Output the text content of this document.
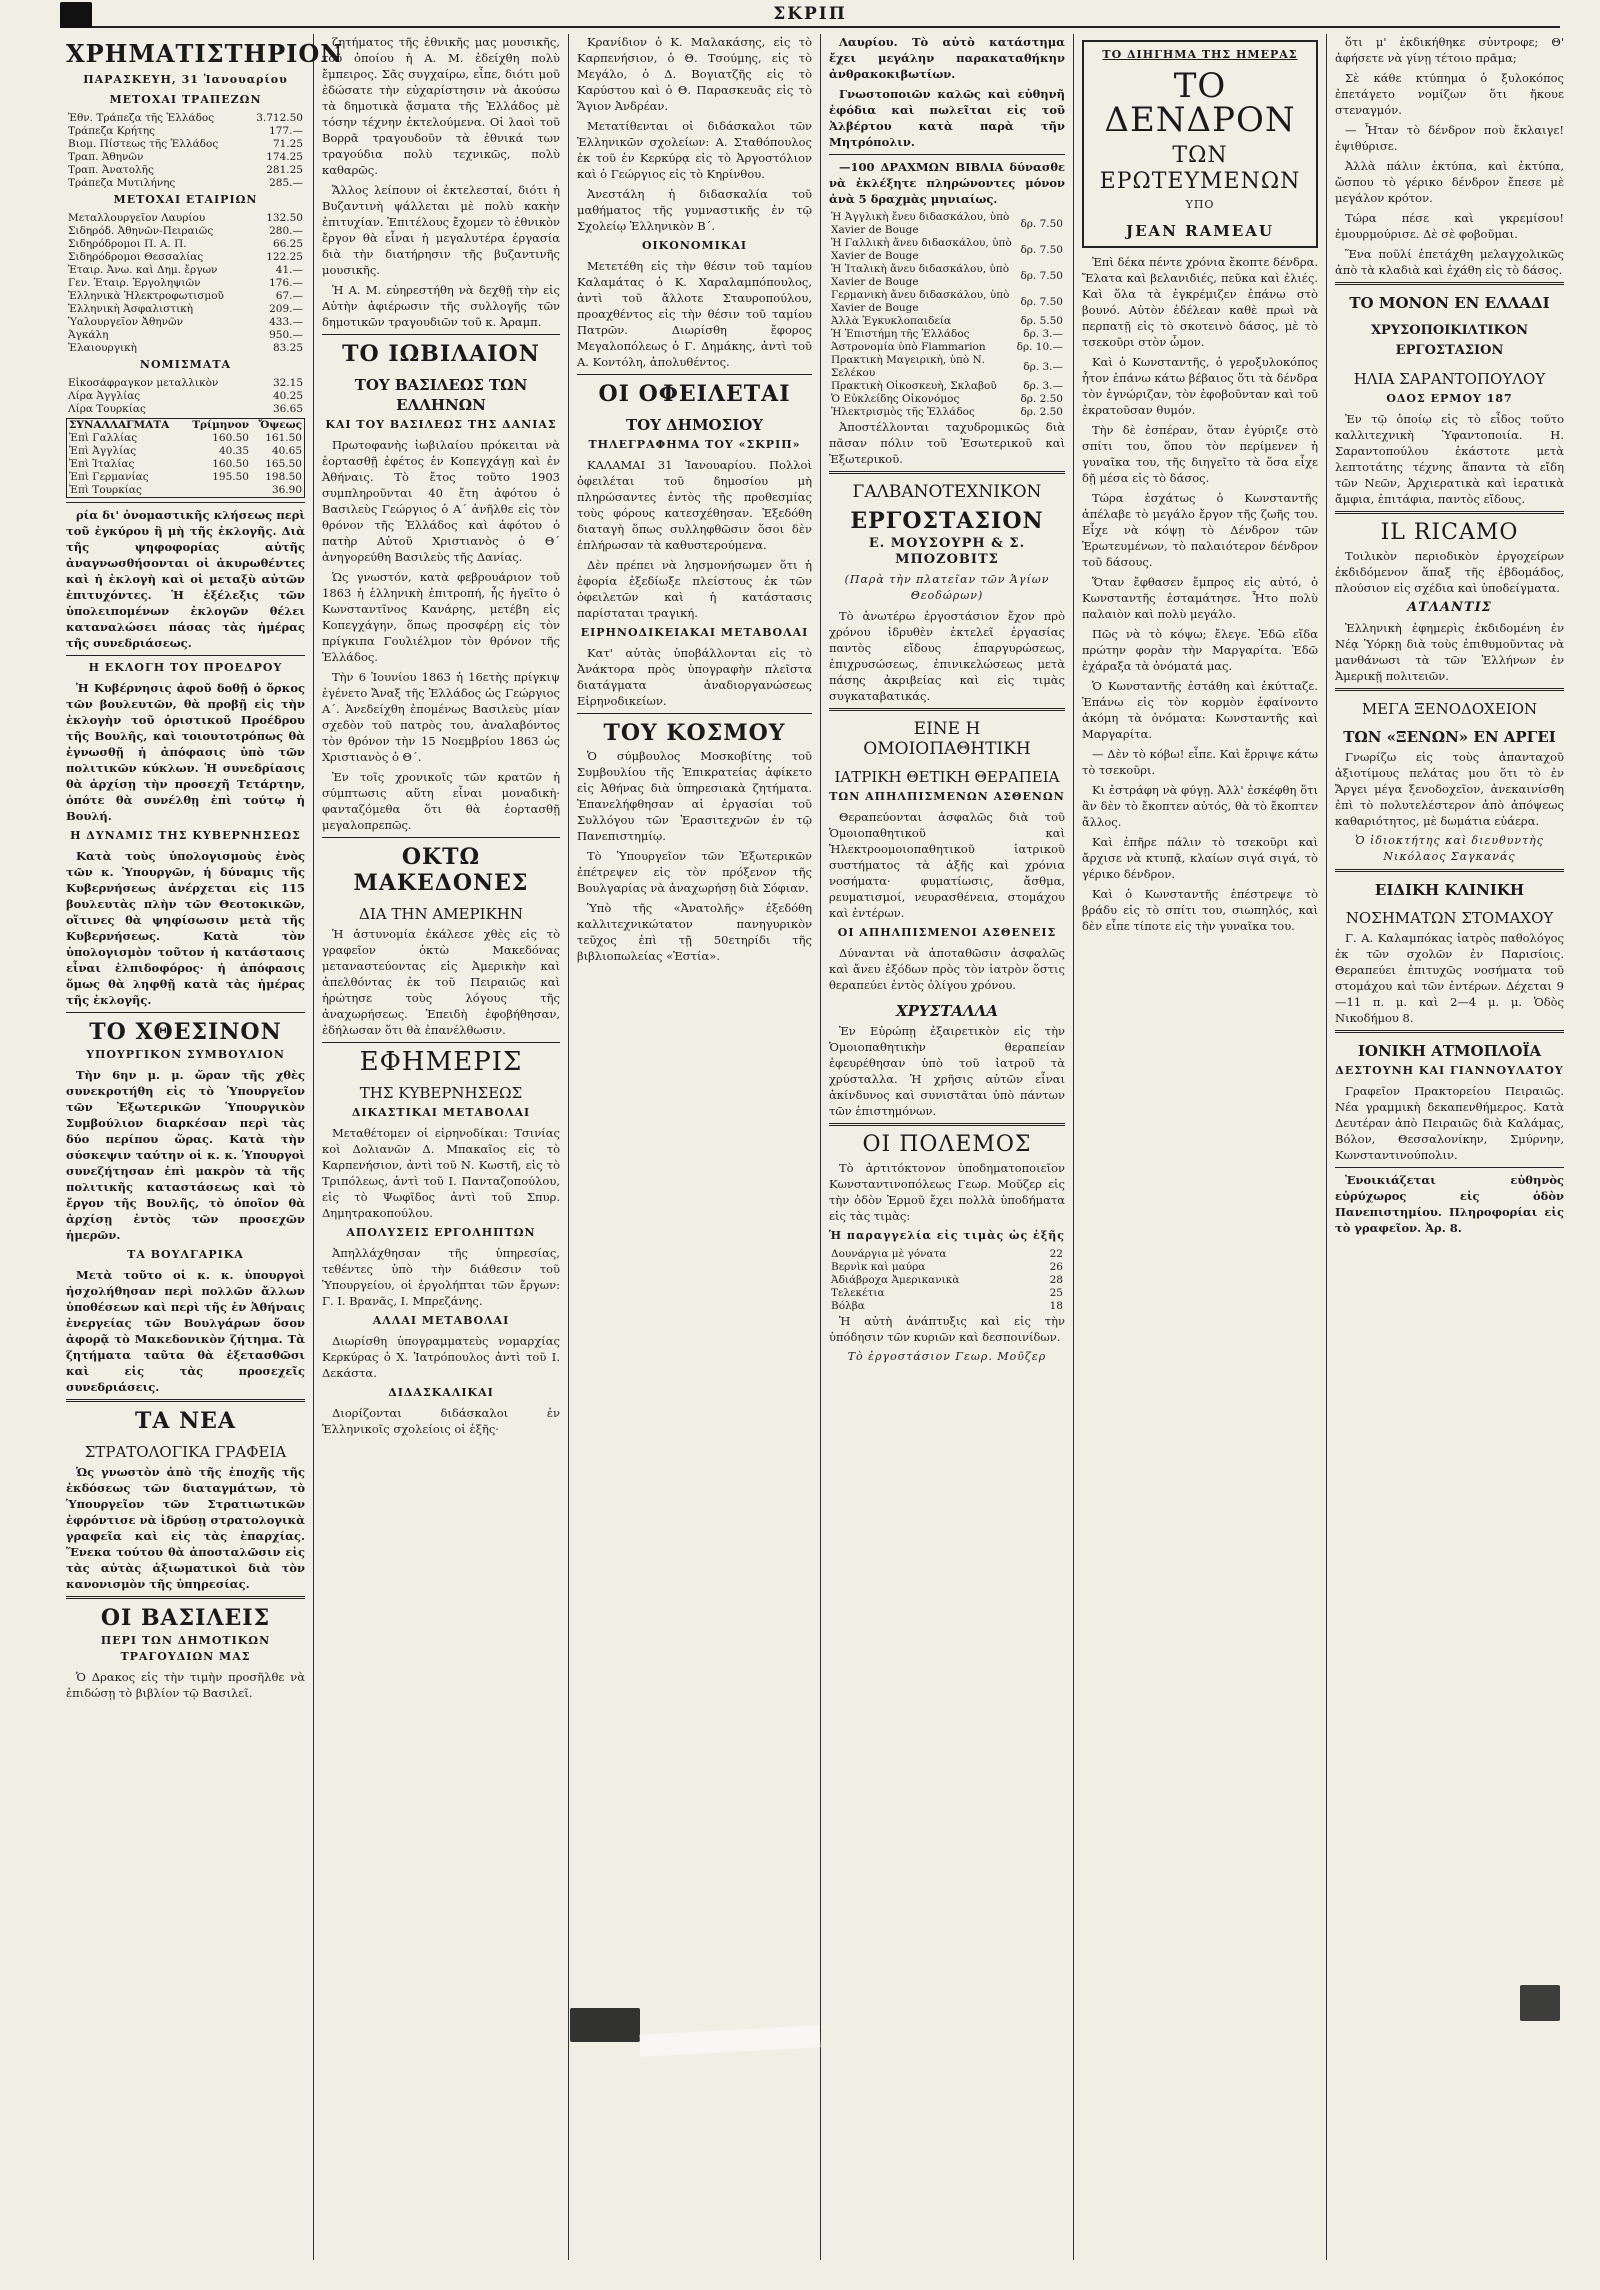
ΣΚΡΙΠ
ΧΡΗΜΑΤΙΣΤΗΡΙΟΝ
ΠΑΡΑΣΚΕΥΗ, 31 Ἰανουαρίου
ΜΕΤΟΧΑΙ ΤΡΑΠΕΖΩΝ
Ἐθν. Τράπεζα τῆς Ἑλλάδος	3.712.50
Τράπεζα Κρήτης	177.—
Βιομ. Πίστεως τῆς Ἑλλάδος	71.25
Τραπ. Ἀθηνῶν	174.25
Τραπ. Ἀνατολῆς	281.25
Τράπεζα Μυτιλήνης	285.—
ΜΕΤΟΧΑΙ ΕΤΑΙΡΙΩΝ
Μεταλλουργεῖον Λαυρίου	132.50
Σιδηρόδ. Ἀθηνῶν-Πειραιῶς	280.—
Σιδηρόδρομοι Π. Α. Π.	66.25
Σιδηρόδρομοι Θεσσαλίας	122.25
Ἑταιρ. Ἀνω. καὶ Δημ. ἔργων	41.—
Γεν. Ἑταιρ. Ἐργοληψιῶν	176.—
Ἑλληνικὰ Ἠλεκτροφωτισμοῦ	67.—
Ἑλληνικὴ Ἀσφαλιστικὴ	209.—
Ὑαλουργεῖον Ἀθηνῶν	433.—
Ἀγκάλη	950.—
Ἐλαιουργικὴ	83.25
ΝΟΜΙΣΜΑΤΑ
Εἰκοσάφραγκον μεταλλικὸν	32.15
Λίρα Ἀγγλίας	40.25
Λίρα Τουρκίας	36.65
ΣΥΝΑΛΛΑΓΜΑΤΑ	Τρίμηνον	Ὄψεως
Ἐπὶ Γαλλίας	160.50	161.50
Ἐπὶ Ἀγγλίας	40.35	40.65
Ἐπὶ Ἰταλίας	160.50	165.50
Ἐπὶ Γερμανίας	195.50	198.50
Ἐπὶ Τουρκίας		36.90

ρία δι' ὀνομαστικῆς κλήσεως περὶ τοῦ ἐγκύρου ἢ μὴ τῆς ἐκλογῆς. Διὰ τῆς ψηφοφορίας αὐτῆς ἀναγνωσθήσονται οἱ ἀκυρωθέντες καὶ ἡ ἐκλογὴ καὶ οἱ μεταξὺ αὐτῶν ἐπιτυχόντες. Ἡ ἐξέλεξις τῶν ὑπολειπομένων ἐκλογῶν θέλει καταναλώσει πάσας τὰς ἡμέρας τῆς συνεδριάσεως.

Η ΕΚΛΟΓΗ ΤΟΥ ΠΡΟΕΔΡΟΥ

Ἡ Κυβέρνησις ἀφοῦ δοθῇ ὁ ὅρκος τῶν βουλευτῶν, θὰ προβῇ εἰς τὴν ἐκλογὴν τοῦ ὁριστικοῦ Προέδρου τῆς Βουλῆς, καὶ τοιουτοτρόπως θὰ ἐγνωσθῇ ἡ ἀπόφασις ὑπὸ τῶν πολιτικῶν κύκλων. Ἡ συνεδρίασις θὰ ἀρχίσῃ τὴν προσεχῆ Τετάρτην, ὁπότε θὰ συνέλθῃ ἐπὶ τούτῳ ἡ Βουλή.

Η ΔΥΝΑΜΙΣ ΤΗΣ ΚΥΒΕΡΝΗΣΕΩΣ

Κατὰ τοὺς ὑπολογισμοὺς ἐνὸς τῶν κ. Ὑπουργῶν, ἡ δύναμις τῆς Κυβερνήσεως ἀνέρχεται εἰς 115 βουλευτὰς πλὴν τῶν Θεοτοκικῶν, οἵτινες θὰ ψηφίσωσιν μετὰ τῆς Κυβερνήσεως. Κατὰ τὸν ὑπολογισμὸν τοῦτον ἡ κατάστασις εἶναι ἐλπιδοφόρος· ἡ ἀπόφασις ὅμως θὰ ληφθῇ κατὰ τὰς ἡμέρας τῆς ἐκλογῆς.

ΤΟ ΧΘΕΣΙΝΟΝ
ΥΠΟΥΡΓΙΚΟΝ ΣΥΜΒΟΥΛΙΟΝ

Τὴν 6ην μ. μ. ὥραν τῆς χθὲς συνεκροτήθη εἰς τὸ Ὑπουργεῖον τῶν Ἐξωτερικῶν Ὑπουργικὸν Συμβούλιον διαρκέσαν περὶ τὰς δύο περίπου ὥρας. Κατὰ τὴν σύσκεψιν ταύτην οἱ κ. κ. Ὑπουργοὶ συνεζήτησαν ἐπὶ μακρὸν τὰ τῆς πολιτικῆς καταστάσεως καὶ τὸ ἔργον τῆς Βουλῆς, τὸ ὁποῖον θὰ ἀρχίσῃ ἐντὸς τῶν προσεχῶν ἡμερῶν.

ΤΑ ΒΟΥΛΓΑΡΙΚΑ

Μετὰ τοῦτο οἱ κ. κ. ὑπουργοὶ ἠσχολήθησαν περὶ πολλῶν ἄλλων ὑποθέσεων καὶ περὶ τῆς ἐν Ἀθήναις ἐνεργείας τῶν Βουλγάρων ὅσον ἀφορᾷ τὸ Μακεδονικὸν ζήτημα. Τὰ ζητήματα ταῦτα θὰ ἐξετασθῶσι καὶ εἰς τὰς προσεχεῖς συνεδριάσεις.

ΤΑ ΝΕΑ
ΣΤΡΑΤΟΛΟΓΙΚΑ ΓΡΑΦΕΙΑ

Ὡς γνωστὸν ἀπὸ τῆς ἐποχῆς τῆς ἐκδόσεως τῶν διαταγμάτων, τὸ Ὑπουργεῖον τῶν Στρατιωτικῶν ἐφρόντισε νὰ ἱδρύσῃ στρατολογικὰ γραφεῖα καὶ εἰς τὰς ἐπαρχίας. Ἕνεκα τούτου θὰ ἀποσταλῶσιν εἰς τὰς αὐτὰς ἀξιωματικοὶ διὰ τὸν κανονισμὸν τῆς ὑπηρεσίας.

ΟΙ ΒΑΣΙΛΕΙΣ
ΠΕΡΙ ΤΩΝ ΔΗΜΟΤΙΚΩΝ ΤΡΑΓΟΥΔΙΩΝ ΜΑΣ

Ὁ Δρακος εἰς τὴν τιμὴν προσῆλθε νὰ ἐπιδώσῃ τὸ βιβλίον τῷ Βασιλεῖ.

ζητήματος τῆς ἐθνικῆς μας μουσικῆς, τοῦ ὁποίου ἡ Α. Μ. ἐδείχθη πολὺ ἔμπειρος. Σᾶς συγχαίρω, εἶπε, διότι μοῦ ἐδώσατε τὴν εὐχαρίστησιν νὰ ἀκούσω τὰ δημοτικὰ ᾄσματα τῆς Ἑλλάδος μὲ τόσην τέχνην ἐκτελούμενα. Οἱ λαοὶ τοῦ Βορρᾶ τραγουδοῦν τὰ ἐθνικά των τραγούδια πολὺ τεχνικῶς, πολὺ καθαρῶς.

Ἄλλος λείπουν οἱ ἐκτελεσταί, διότι ἡ Βυζαντινὴ ψάλλεται μὲ πολὺ κακὴν ἐπιτυχίαν. Ἐπιτέλους ἔχομεν τὸ ἐθνικὸν ἔργον θὰ εἶναι ἡ μεγαλυτέρα ἐργασία διὰ τὴν διατήρησιν τῆς βυζαντινῆς μουσικῆς.

Ἡ Α. Μ. εὐηρεστήθη νὰ δεχθῇ τὴν εἰς Αὐτὴν ἀφιέρωσιν τῆς συλλογῆς τῶν δημοτικῶν τραγουδιῶν τοῦ κ. Ἀραμπ.

ΤΟ ΙΩΒΙΛΑΙΟΝ
ΤΟΥ ΒΑΣΙΛΕΩΣ ΤΩΝ ΕΛΛΗΝΩΝ
ΚΑΙ ΤΟΥ ΒΑΣΙΛΕΩΣ ΤΗΣ ΔΑΝΙΑΣ

Πρωτοφανὴς ἰωβιλαίου πρόκειται νὰ ἑορτασθῇ ἐφέτος ἐν Κοπεγχάγῃ καὶ ἐν Ἀθήναις. Τὸ ἔτος τοῦτο 1903 συμπληροῦνται 40 ἔτη ἀφότου ὁ Βασιλεὺς Γεώργιος ὁ Α΄ ἀνῆλθε εἰς τὸν θρόνον τῆς Ἑλλάδος καὶ ἀφότου ὁ πατὴρ Αὐτοῦ Χριστιανὸς ὁ Θ΄ ἀνηγορεύθη Βασιλεὺς τῆς Δανίας.

Ὡς γνωστόν, κατὰ φεβρουάριον τοῦ 1863 ἡ ἑλληνικὴ ἐπιτροπή, ἧς ἡγεῖτο ὁ Κωνσταντῖνος Κανάρης, μετέβη εἰς Κοπεγχάγην, ὅπως προσφέρῃ εἰς τὸν πρίγκιπα Γουλιέλμον τὸν θρόνον τῆς Ἑλλάδος.

Τὴν 6 Ἰουνίου 1863 ἡ 16ετὴς πρίγκιψ ἐγένετο Ἄναξ τῆς Ἑλλάδος ὡς Γεώργιος Α΄. Ἀνεδείχθη ἐπομένως Βασιλεὺς μίαν σχεδὸν τοῦ πατρὸς του, ἀναλαβόντος τὸν θρόνον τὴν 15 Νοεμβρίου 1863 ὡς Χριστιανὸς ὁ Θ΄.

Ἐν τοῖς χρονικοῖς τῶν κρατῶν ἡ σύμπτωσις αὕτη εἶναι μοναδικὴ· φανταζόμεθα ὅτι θὰ ἑορτασθῇ μεγαλοπρεπῶς.

ΟΚΤΩ ΜΑΚΕΔΟΝΕΣ
ΔΙΑ ΤΗΝ ΑΜΕΡΙΚΗΝ

Ἡ ἀστυνομία ἐκάλεσε χθὲς εἰς τὸ γραφεῖον ὀκτὼ Μακεδόνας μεταναστεύοντας εἰς Ἀμερικὴν καὶ ἀπελθόντας ἐκ τοῦ Πειραιῶς καὶ ἠρώτησε τοὺς λόγους τῆς ἀναχωρήσεως. Ἐπειδὴ ἐφοβήθησαν, ἐδήλωσαν ὅτι θὰ ἐπανέλθωσιν.

ΕΦΗΜΕΡΙΣ
ΤΗΣ ΚΥΒΕΡΝΗΣΕΩΣ
ΔΙΚΑΣΤΙΚΑΙ ΜΕΤΑΒΟΛΑΙ

Μεταθέτομεν οἱ εἰρηνοδίκαι: Τσινίας κοὶ Δολιανῶν Δ. Μπακαῖος εἰς τὸ Καρπενήσιον, ἀντὶ τοῦ Ν. Κωστῆ, εἰς τὸ Τριπόλεως, ἀντὶ τοῦ Ι. Πανταζοπούλου, εἰς τὸ Ψωφῖδος ἀντὶ τοῦ Σπυρ. Δημητρακοπούλου.

ΑΠΟΛΥΣΕΙΣ ΕΡΓΟΛΗΠΤΩΝ

Ἀπηλλάχθησαν τῆς ὑπηρεσίας, τεθέντες ὑπὸ τὴν διάθεσιν τοῦ Ὑπουργείου, οἱ ἐργολήπται τῶν ἔργων: Γ. Ι. Βρανᾶς, Ι. Μπρεζάνης.

ΑΛΛΑΙ ΜΕΤΑΒΟΛΑΙ

Διωρίσθη ὑπογραμματεὺς νομαρχίας Κερκύρας ὁ Χ. Ἰατρόπουλος ἀντὶ τοῦ Ι. Δεκάστα.

ΔΙΔΑΣΚΑΛΙΚΑΙ

Διορίζονται διδάσκαλοι ἐν Ἑλληνικοῖς σχολείοις οἱ ἑξῆς·

Κρανίδιον ὁ Κ. Μαλακάσης, εἰς τὸ Καρπενήσιον, ὁ Θ. Τσούμης, εἰς τὸ Μεγάλο, ὁ Δ. Βογιατζῆς εἰς τὸ Καρύστου καὶ ὁ Θ. Παρασκευᾶς εἰς τὸ Ἅγιον Ἀνδρέαν.

Μετατίθενται οἱ διδάσκαλοι τῶν Ἑλληνικῶν σχολείων: Α. Σταθόπουλος ἐκ τοῦ ἐν Κερκύρᾳ εἰς τὸ Ἀργοστόλιον καὶ ὁ Γεώργιος εἰς τὸ Κηρίνθου.

Ἀνεστάλη ἡ διδασκαλία τοῦ μαθήματος τῆς γυμναστικῆς ἐν τῷ Σχολείῳ Ἑλληνικὸν Β΄.

ΟΙΚΟΝΟΜΙΚΑΙ

Μετετέθη εἰς τὴν θέσιν τοῦ ταμίου Καλαμάτας ὁ Κ. Χαραλαμπόπουλος, ἀντὶ τοῦ ἄλλοτε Σταυροπούλου, προαχθέντος εἰς τὴν θέσιν τοῦ ταμίου Πατρῶν. Διωρίσθη ἔφορος Μεγαλοπόλεως ὁ Γ. Δημάκης, ἀντὶ τοῦ Α. Κοντόλη, ἀπολυθέντος.

ΟΙ ΟΦΕΙΛΕΤΑΙ
ΤΟΥ ΔΗΜΟΣΙΟΥ
ΤΗΛΕΓΡΑΦΗΜΑ ΤΟΥ «ΣΚΡΙΠ»

ΚΑΛΑΜΑΙ 31 Ἰανουαρίου. Πολλοὶ ὀφειλέται τοῦ δημοσίου μὴ πληρώσαντες ἐντὸς τῆς προθεσμίας τοὺς φόρους κατεσχέθησαν. Ἐξεδόθη διαταγὴ ὅπως συλληφθῶσιν ὅσοι δὲν ἐπλήρωσαν τὰ καθυστερούμενα.

Δὲν πρέπει νὰ λησμονήσωμεν ὅτι ἡ ἐφορία ἐξεδίωξε πλείστους ἐκ τῶν ὀφειλετῶν καὶ ἡ κατάστασις παρίσταται τραγική.

ΕΙΡΗΝΟΔΙΚΕΙΑΚΑΙ ΜΕΤΑΒΟΛΑΙ

Κατ' αὐτὰς ὑποβάλλονται εἰς τὸ Ἀνάκτορα πρὸς ὑπογραφὴν πλεῖστα διατάγματα ἀναδιοργανώσεως Εἰρηνοδικείων.

ΤΟΥ ΚΟΣΜΟΥ

Ὁ σύμβουλος Μοσκοβίτης τοῦ Συμβουλίου τῆς Ἐπικρατείας ἀφίκετο εἰς Ἀθήνας διὰ ὑπηρεσιακὰ ζητήματα. Ἐπανελήφθησαν αἱ ἐργασίαι τοῦ Συλλόγου τῶν Ἐρασιτεχνῶν ἐν τῷ Πανεπιστημίῳ.

Τὸ Ὑπουργεῖον τῶν Ἐξωτερικῶν ἐπέτρεψεν εἰς τὸν πρόξενον τῆς Βουλγαρίας νὰ ἀναχωρήσῃ διὰ Σόφιαν.

Ὑπὸ τῆς «Ἀνατολῆς» ἐξεδόθη καλλιτεχνικώτατον πανηγυρικὸν τεῦχος ἐπὶ τῇ 50ετηρίδι τῆς βιβλιοπωλείας «Ἑστία».

Λαυρίου. Τὸ αὐτὸ κατάστημα ἔχει μεγάλην παρακαταθήκην ἀνθρακοκιβωτίων.

Γνωστοποιῶν καλῶς καὶ εὐθηνῆ ἐφόδια καὶ πωλεῖται εἰς τοῦ Ἀλβέρτου κατὰ παρὰ τῆν Μητρόπολιν.

—100 ΔΡΑΧΜΩΝ ΒΙΒΛΙΑ δύνασθε νὰ ἐκλέξητε πληρώνοντες μόνον ἀνὰ 5 δραχμὰς μηνιαίως.

Ἡ Ἀγγλικὴ ἔνευ διδασκάλου, ὑπὸ Xavier de Bouge	δρ. 7.50
Ἡ Γαλλικὴ ἄνευ διδασκάλου, ὑπὸ Xavier de Bouge	δρ. 7.50
Ἡ Ἰταλικὴ ἄνευ διδασκάλου, ὑπὸ Xavier de Bouge	δρ. 7.50
Γερμανικὴ ἄνευ διδασκάλου, ὑπὸ Xavier de Bouge	δρ. 7.50
Ἀλλὰ Ἐγκυκλοπαιδεία	δρ. 5.50
Ἡ Ἐπιστήμη τῆς Ἑλλάδος	δρ. 3.—
Ἀστρονομία ὑπὸ Flammarion	δρ. 10.—
Πρακτικὴ Μαγειρικὴ, ὑπὸ Ν. Σελέκου	δρ. 3.—
Πρακτικὴ Οἰκοσκευὴ, Σκλαβοῦ	δρ. 3.—
Ὁ Εὐκλείδης Οἰκονόμος	δρ. 2.50
Ἠλεκτρισμὸς τῆς Ἑλλάδος	δρ. 2.50

Ἀποστέλλονται ταχυδρομικῶς διὰ πᾶσαν πόλιν τοῦ Ἐσωτερικοῦ καὶ Ἐξωτερικοῦ.

ΓΑΛΒΑΝΟΤΕΧΝΙΚΟΝ
ΕΡΓΟΣΤΑΣΙΟΝ
Ε. ΜΟΥΣΟΥΡΗ & Σ. ΜΠΟΖΟΒΙΤΣ
(Παρὰ τὴν πλατεῖαν τῶν Ἁγίων Θεοδώρων)

Τὸ ἀνωτέρω ἐργοστάσιον ἔχον πρὸ χρόνου ἱδρυθὲν ἐκτελεῖ ἐργασίας παντὸς εἴδους ἐπαργυρώσεως, ἐπιχρυσώσεως, ἐπινικελώσεως μετὰ πάσης ἀκριβείας καὶ εἰς τιμὰς συγκαταβατικάς.

ΕΙΝΕ Η ΟΜΟΙΟΠΑΘΗΤΙΚΗ
ΙΑΤΡΙΚΗ ΘΕΤΙΚΗ ΘΕΡΑΠΕΙΑ
ΤΩΝ ΑΠΗΛΠΙΣΜΕΝΩΝ ΑΣΘΕΝΩΝ

Θεραπεύονται ἀσφαλῶς διὰ τοῦ Ὁμοιοπαθητικοῦ καὶ Ἠλεκτροομοιοπαθητικοῦ ἰατρικοῦ συστήματος τὰ ἀξῆς καὶ χρόνια νοσήματα· φυματίωσις, ἄσθμα, ρευματισμοί, νευρασθένεια, στομάχου καὶ ἐντέρων.

ΟΙ ΑΠΗΛΠΙΣΜΕΝΟΙ ΑΣΘΕΝΕΙΣ

Δύνανται νὰ ἀποταθῶσιν ἀσφαλῶς καὶ ἄνευ ἐξόδων πρὸς τὸν ἰατρὸν ὅστις θεραπεύει ἐντὸς ὀλίγου χρόνου.

ΧΡΥΣΤΑΛΛΑ

Ἐν Εὐρώπῃ ἐξαιρετικὸν εἰς τὴν Ὁμοιοπαθητικὴν θεραπείαν ἐφευρέθησαν ὑπὸ τοῦ ἰατροῦ τὰ χρύσταλλα. Ἡ χρῆσις αὐτῶν εἶναι ἀκίνδυνος καὶ συνιστᾶται ὑπὸ πάντων τῶν ἐπιστημόνων.

ΟΙ ΠΟΛΕΜΟΣ

Τὸ ἀρτιτόκτονον ὑποδηματοποιεῖον Κωνσταντινοπόλεως Γεωρ. Μοῦζερ εἰς τὴν ὁδὸν Ἑρμοῦ ἔχει πολλὰ ὑποδήματα εἰς τὰς τιμὰς:

Ἡ παραγγελία εἰς τιμὰς ὡς ἑξῆς
Δουνάργια μὲ γόνατα	22
Βερνὶκ καὶ μαύρα	26
Ἀδιάβροχα Ἀμερικανικὰ	28
Τελεκέτια	25
Βόλβα	18

Ἡ αὐτὴ ἀνάπτυξις καὶ εἰς τὴν ὑπόδησιν τῶν κυριῶν καὶ δεσποινίδων.

Τὸ ἐργοστάσιον Γεωρ. Μοῦζερ
ΤΟ ΔΙΗΓΗΜΑ ΤΗΣ ΗΜΕΡΑΣ
ΤΟ ΔΕΝΔΡΟΝ
ΤΩΝ ΕΡΩΤΕΥΜΕΝΩΝ
ΥΠΟ
JEAN RAMEAU

Ἐπὶ δέκα πέντε χρόνια ἔκοπτε δένδρα. Ἔλατα καὶ βελανιδιές, πεῦκα καὶ ἐλιές. Καὶ ὅλα τὰ ἐγκρέμιζεν ἐπάνω στὸ βουνό. Αὐτὸν ἐδέλεαν καθὲ πρωὶ νὰ περπατῇ εἰς τὸ σκοτεινὸ δάσος, μὲ τὸ τσεκοῦρι στὸν ὦμον.

Καὶ ὁ Κωνσταντῆς, ὁ γεροξυλοκόπος ἦτον ἐπάνω κάτω βέβαιος ὅτι τὰ δένδρα τὸν ἐγνώριζαν, τὸν ἐφοβοῦνταν καὶ τοῦ ἐκρατοῦσαν θυμόν.

Τὴν δὲ ἐσπέραν, ὅταν ἐγύριζε στὸ σπίτι του, ὅπου τὸν περίμενεν ἡ γυναῖκα του, τῆς διηγεῖτο τὰ ὅσα εἶχε δῇ μέσα εἰς τὸ δάσος.

Τώρα ἐσχάτως ὁ Κωνσταντῆς ἀπέλαβε τὸ μεγάλο ἔργον τῆς ζωῆς του. Εἶχε νὰ κόψῃ τὸ Δένδρον τῶν Ἐρωτευμένων, τὸ παλαιότερον δένδρον τοῦ δάσους.

Ὅταν ἔφθασεν ἔμπρος εἰς αὐτό, ὁ Κωνσταντῆς ἐσταμάτησε. Ἦτο πολὺ παλαιὸν καὶ πολὺ μεγάλο.

Πῶς νὰ τὸ κόψω; ἔλεγε. Ἐδῶ εἴδα πρώτην φορὰν τὴν Μαργαρίτα. Ἐδῶ ἐχάραξα τὰ ὀνόματά μας.

Ὁ Κωνσταντῆς ἐστάθη καὶ ἐκύτταζε. Ἐπάνω εἰς τὸν κορμὸν ἐφαίνοντο ἀκόμη τὰ ὀνόματα: Κωνσταντῆς καὶ Μαργαρίτα.

— Δὲν τὸ κόβω! εἶπε. Καὶ ἔρριψε κάτω τὸ τσεκοῦρι.

Κι ἐστράφη νὰ φύγῃ. Ἀλλ' ἐσκέφθη ὅτι ἂν δὲν τὸ ἔκοπτεν αὐτός, θὰ τὸ ἔκοπτεν ἄλλος.

Καὶ ἐπῆρε πάλιν τὸ τσεκοῦρι καὶ ἄρχισε νὰ κτυπᾷ, κλαίων σιγά σιγά, τὸ γέρικο δένδρον.

Καὶ ὁ Κωνσταντῆς ἐπέστρεψε τὸ βράδυ εἰς τὸ σπίτι του, σιωπηλός, καὶ δὲν εἶπε τίποτε εἰς τὴν γυναῖκα του.

ὅτι μ' ἐκδικήθηκε σὐντροφε; Θ' ἀφήσετε νὰ γίνῃ τέτοιο πρᾶμα;

Σὲ κάθε κτύπημα ὁ ξυλοκόπος ἐπετάγετο νομίζων ὅτι ἤκουε στεναγμόν.

— Ἦταν τὸ δένδρον ποὺ ἔκλαιγε! ἐψιθύρισε.

Ἀλλὰ πάλιν ἐκτύπα, καὶ ἐκτύπα, ὥσπου τὸ γέρικο δένδρον ἔπεσε μὲ μεγάλον κρότον.

Τώρα πέσε καὶ γκρεμίσου! ἐμουρμούρισε. Δὲ σὲ φοβοῦμαι.

Ἕνα ποῦλί ἐπετάχθη μελαγχολικῶς ἀπὸ τὰ κλαδιὰ καὶ ἐχάθη εἰς τὸ δάσος.

ΤΟ ΜΟΝΟΝ ΕΝ ΕΛΛΑΔΙ
ΧΡΥΣΟΠΟΙΚΙΛΤΙΚΟΝ ΕΡΓΟΣΤΑΣΙΟΝ
ΗΛΙΑ ΣΑΡΑΝΤΟΠΟΥΛΟΥ
ΟΔΟΣ ΕΡΜΟΥ 187

Ἐν τῷ ὁποίῳ εἰς τὸ εἶδος τοῦτο καλλιτεχνικὴ Ὑφαντοποιία. Η. Σαραντοπούλου ἑκάστοτε μετὰ λεπτοτάτης τέχνης ἅπαντα τὰ εἴδη τῶν Νεῶν, Ἀρχιερατικὰ καὶ ἱερατικὰ ἄμφια, ἐπιτάφια, παντὸς εἴδους.

IL RICAMO

Τοιλικὸν περιοδικὸν ἐργοχείρων ἐκδιδόμενον ἅπαξ τῆς ἑβδομάδος, πλούσιον εἰς σχέδια καὶ ὑποδείγματα.

ΑΤΛΑΝΤΙΣ

Ἑλληνικὴ ἐφημερὶς ἐκδιδομένη ἐν Νέᾳ Ὑόρκῃ διὰ τοὺς ἐπιθυμοῦντας νὰ μανθάνωσι τὰ τῶν Ἑλλήνων ἐν Ἀμερικῇ πολιτειῶν.

ΜΕΓΑ ΞΕΝΟΔΟΧΕΙΟΝ
ΤΩΝ «ΞΕΝΩΝ» ΕΝ ΑΡΓΕΙ

Γνωρίζω εἰς τοὺς ἀπανταχοῦ ἀξιοτίμους πελάτας μου ὅτι τὸ ἐν Ἄργει μέγα ξενοδοχεῖον, ἀνεκαινίσθη ἐπὶ τὸ πολυτελέστερον ἀπὸ ἀπόψεως καθαριότητος, μὲ δωμάτια εὐάερα.

Ὁ ἰδιοκτήτης καὶ διευθυντὴς Νικόλαος Σαγκανάς
ΕΙΔΙΚΗ ΚΛΙΝΙΚΗ
ΝΟΣΗΜΑΤΩΝ ΣΤΟΜΑΧΟΥ

Γ. Α. Καλαμπόκας ἰατρὸς παθολόγος ἐκ τῶν σχολῶν ἐν Παρισίοις. Θεραπεύει ἐπιτυχῶς νοσήματα τοῦ στομάχου καὶ τῶν ἐντέρων. Δέχεται 9—11 π. μ. καὶ 2—4 μ. μ. Ὁδὸς Νικοδήμου 8.

ΙΟΝΙΚΗ ΑΤΜΟΠΛΟΪΑ
ΔΕΣΤΟΥΝΗ ΚΑΙ ΓΙΑΝΝΟΥΛΑΤΟΥ

Γραφεῖον Πρακτορείου Πειραιῶς. Νέα γραμμικὴ δεκαπενθήμερος. Κατὰ Δευτέραν ἀπὸ Πειραιῶς διὰ Καλάμας, Βόλον, Θεσσαλονίκην, Σμύρνην, Κωνσταντινούπολιν.

Ἐνοικιάζεται εὐθηνὸς εὐρύχωρος εἰς ὁδὸν Πανεπιστημίου. Πληροφορίαι εἰς τὸ γραφεῖον. Ἀρ. 8.
